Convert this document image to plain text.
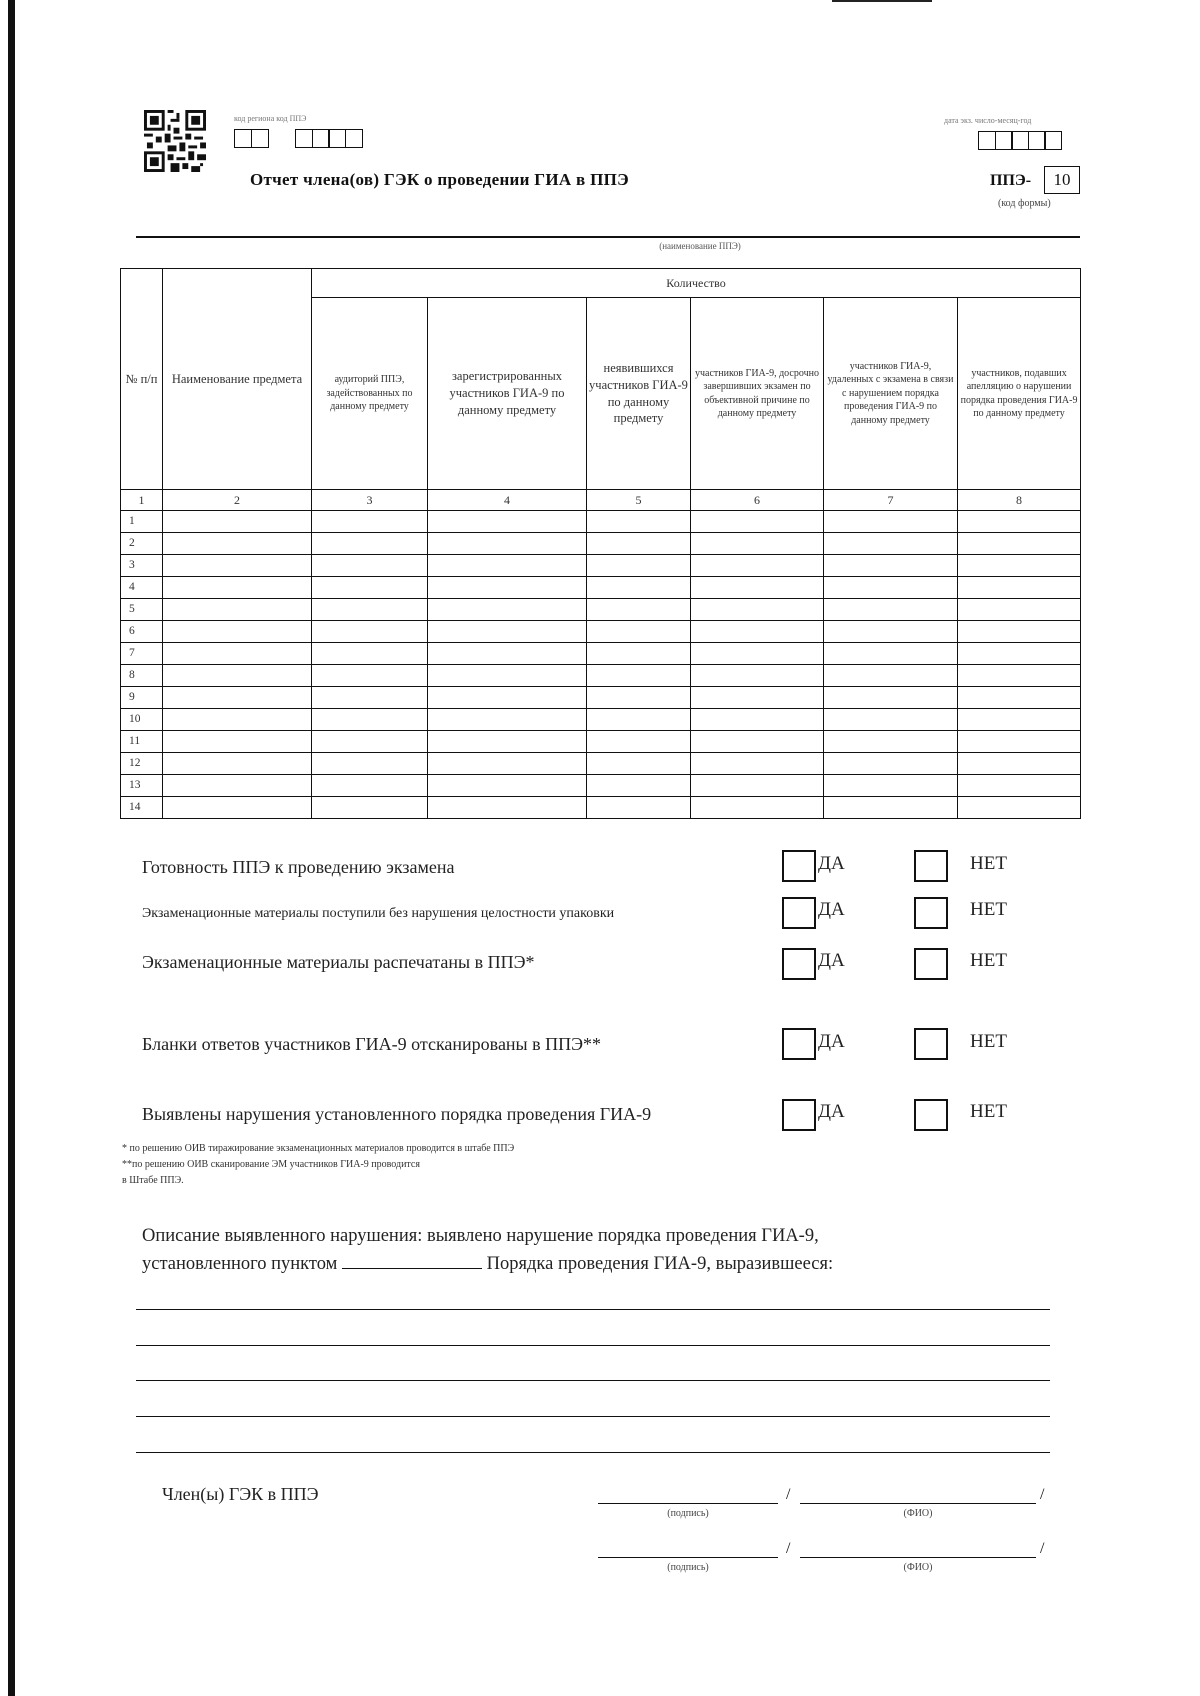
код региона код ППЭ	дата экз. число-месяц-год
Отчет члена(ов) ГЭК о проведении ГИА в ППЭ	ППЭ-	10
(код формы)
(наименование ППЭ)
№ п/п	Наименование предмета	Количество					
		аудиторий ППЭ, задействованных по данному предмету	зарегистрированных участников ГИА-9 по данному предмету	неявившихся участников ГИА-9 по данному предмету	участников ГИА-9, досрочно завершивших экзамен по объективной причине по данному предмету	участников ГИА-9, удаленных с экзамена в связи с нарушением порядка проведения ГИА-9 по данному предмету	участников, подавших апелляцию о нарушении порядка проведения ГИА-9 по данному предмету
1	2	3	4	5	6	7	8
1							
2							
3							
4							
5							
6							
7							
8							
9							
10							
11							
12							
13							
14							
Готовность ППЭ к проведению экзамена	ДА	НЕТ
Экзаменационные материалы поступили без нарушения целостности упаковки	ДА	НЕТ
Экзаменационные материалы распечатаны в ППЭ*	ДА	НЕТ
Бланки ответов участников ГИА-9 отсканированы в ППЭ**	ДА	НЕТ
Выявлены нарушения установленного порядка проведения ГИА-9	ДА	НЕТ
* по решению ОИВ тиражирование экзаменационных материалов проводится в штабе ППЭ
**по решению ОИВ сканирование ЭМ участников ГИА-9 проводится
в Штабе ППЭ.
Описание выявленного нарушения: выявлено нарушение порядка проведения ГИА-9,
установленного пунктом	Порядка проведения ГИА-9, выразившееся:
Член(ы) ГЭК в ППЭ	/	/
(подпись)	(ФИО)
/	/
(подпись)	(ФИО)
